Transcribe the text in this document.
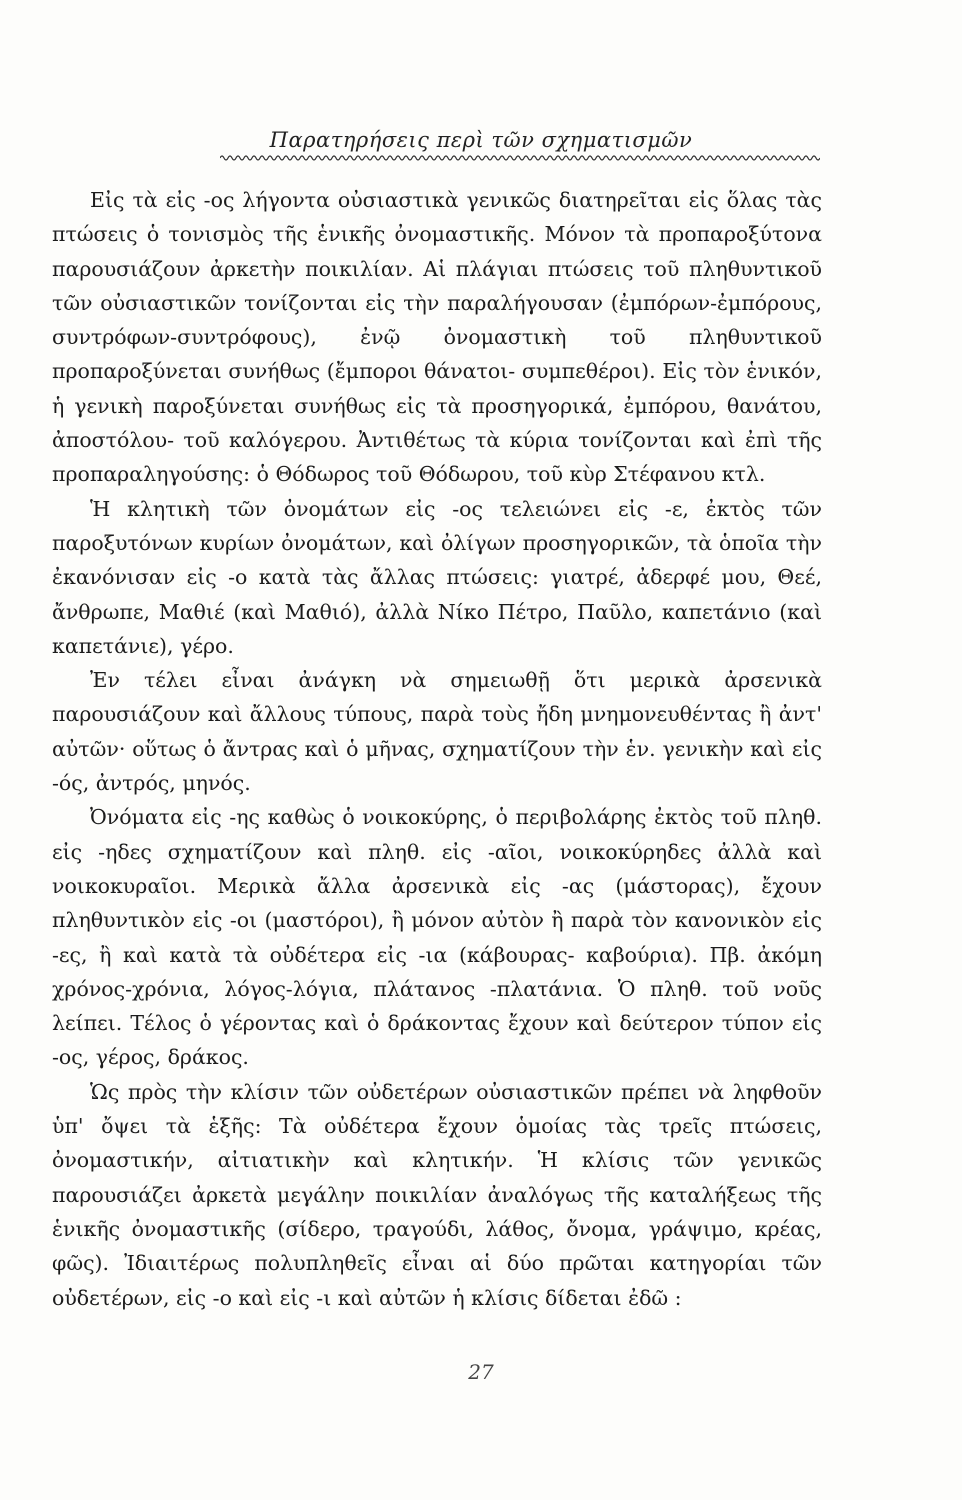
Παρατηρήσεις περὶ τῶν σχηματισμῶν

Εἰς τὰ εἰς -ος λήγοντα οὐσιαστικὰ γενικῶς διατηρεῖται εἰς ὅλας τὰς πτώσεις ὁ τονισμὸς τῆς ἑνικῆς ὀνομαστικῆς. Μόνον τὰ προπαροξύτονα παρουσιάζουν ἀρκετὴν ποικιλίαν. Αἱ πλάγιαι πτώσεις τοῦ πληθυντικοῦ τῶν οὐσιαστικῶν τονίζονται εἰς τὴν παραλήγουσαν (ἐμπόρων-ἐμπόρους, συντρόφων-συντρόφους), ἐνῷ ὀνομαστικὴ τοῦ πληθυντικοῦ προπαροξύνεται συνήθως (ἔμποροι θάνατοι- συμπεθέροι). Εἰς τὸν ἑνικόν, ἡ γενικὴ παροξύνεται συνήθως εἰς τὰ προσηγορικά, ἐμπόρου, θανάτου, ἀποστόλου- τοῦ καλόγερου. Ἀντιθέτως τὰ κύρια τονίζονται καὶ ἐπὶ τῆς προπαραληγούσης: ὁ Θόδωρος τοῦ Θόδωρου, τοῦ κὺρ Στέφανου κτλ.

Ἡ κλητικὴ τῶν ὀνομάτων εἰς -ος τελειώνει εἰς -ε, ἐκτὸς τῶν παροξυτόνων κυρίων ὀνομάτων, καὶ ὀλίγων προσηγορικῶν, τὰ ὁποῖα τὴν ἐκανόνισαν εἰς -ο κατὰ τὰς ἄλλας πτώσεις: γιατρέ, ἀδερφέ μου, Θεέ, ἄνθρωπε, Μαθιέ (καὶ Μαθιό), ἀλλὰ Νίκο Πέτρο, Παῦλο, καπετάνιο (καὶ καπετάνιε), γέρο.

Ἐν τέλει εἶναι ἀνάγκη νὰ σημειωθῇ ὅτι μερικὰ ἀρσενικὰ παρουσιάζουν καὶ ἄλλους τύπους, παρὰ τοὺς ἤδη μνημονευθέντας ἢ ἀντ' αὐτῶν· οὕτως ὁ ἄντρας καὶ ὁ μῆνας, σχηματίζουν τὴν ἑν. γενικὴν καὶ εἰς -ός, ἀντρός, μηνός.

Ὀνόματα εἰς -ης καθὼς ὁ νοικοκύρης, ὁ περιβολάρης ἐκτὸς τοῦ πληθ. εἰς -ηδες σχηματίζουν καὶ πληθ. εἰς -αῖοι, νοικοκύρηδες ἀλλὰ καὶ νοικοκυραῖοι. Μερικὰ ἄλλα ἀρσενικὰ εἰς -ας (μάστορας), ἔχουν πληθυντικὸν εἰς -οι (μαστόροι), ἢ μόνον αὐτὸν ἢ παρὰ τὸν κανονικὸν εἰς -ες, ἢ καὶ κατὰ τὰ οὐδέτερα εἰς -ια (κάβουρας- καβούρια). Πβ. ἀκόμη χρόνος-χρόνια, λόγος-λόγια, πλάτανος -πλατάνια. Ὁ πληθ. τοῦ νοῦς λείπει. Τέλος ὁ γέροντας καὶ ὁ δράκοντας ἔχουν καὶ δεύτερον τύπον εἰς -ος, γέρος, δράκος.

Ὡς πρὸς τὴν κλίσιν τῶν οὐδετέρων οὐσιαστικῶν πρέπει νὰ ληφθοῦν ὑπ' ὄψει τὰ ἑξῆς: Τὰ οὐδέτερα ἔχουν ὁμοίας τὰς τρεῖς πτώσεις, ὀνομαστικήν, αἰτιατικὴν καὶ κλητικήν. Ἡ κλίσις τῶν γενικῶς παρουσιάζει ἀρκετὰ μεγάλην ποικιλίαν ἀναλόγως τῆς καταλήξεως τῆς ἑνικῆς ὀνομαστικῆς (σίδερο, τραγούδι, λάθος, ὄνομα, γράψιμο, κρέας, φῶς). Ἰδιαιτέρως πολυπληθεῖς εἶναι αἱ δύο πρῶται κατηγορίαι τῶν οὐδετέρων, εἰς -ο καὶ εἰς -ι καὶ αὐτῶν ἡ κλίσις δίδεται ἐδῶ :

27
